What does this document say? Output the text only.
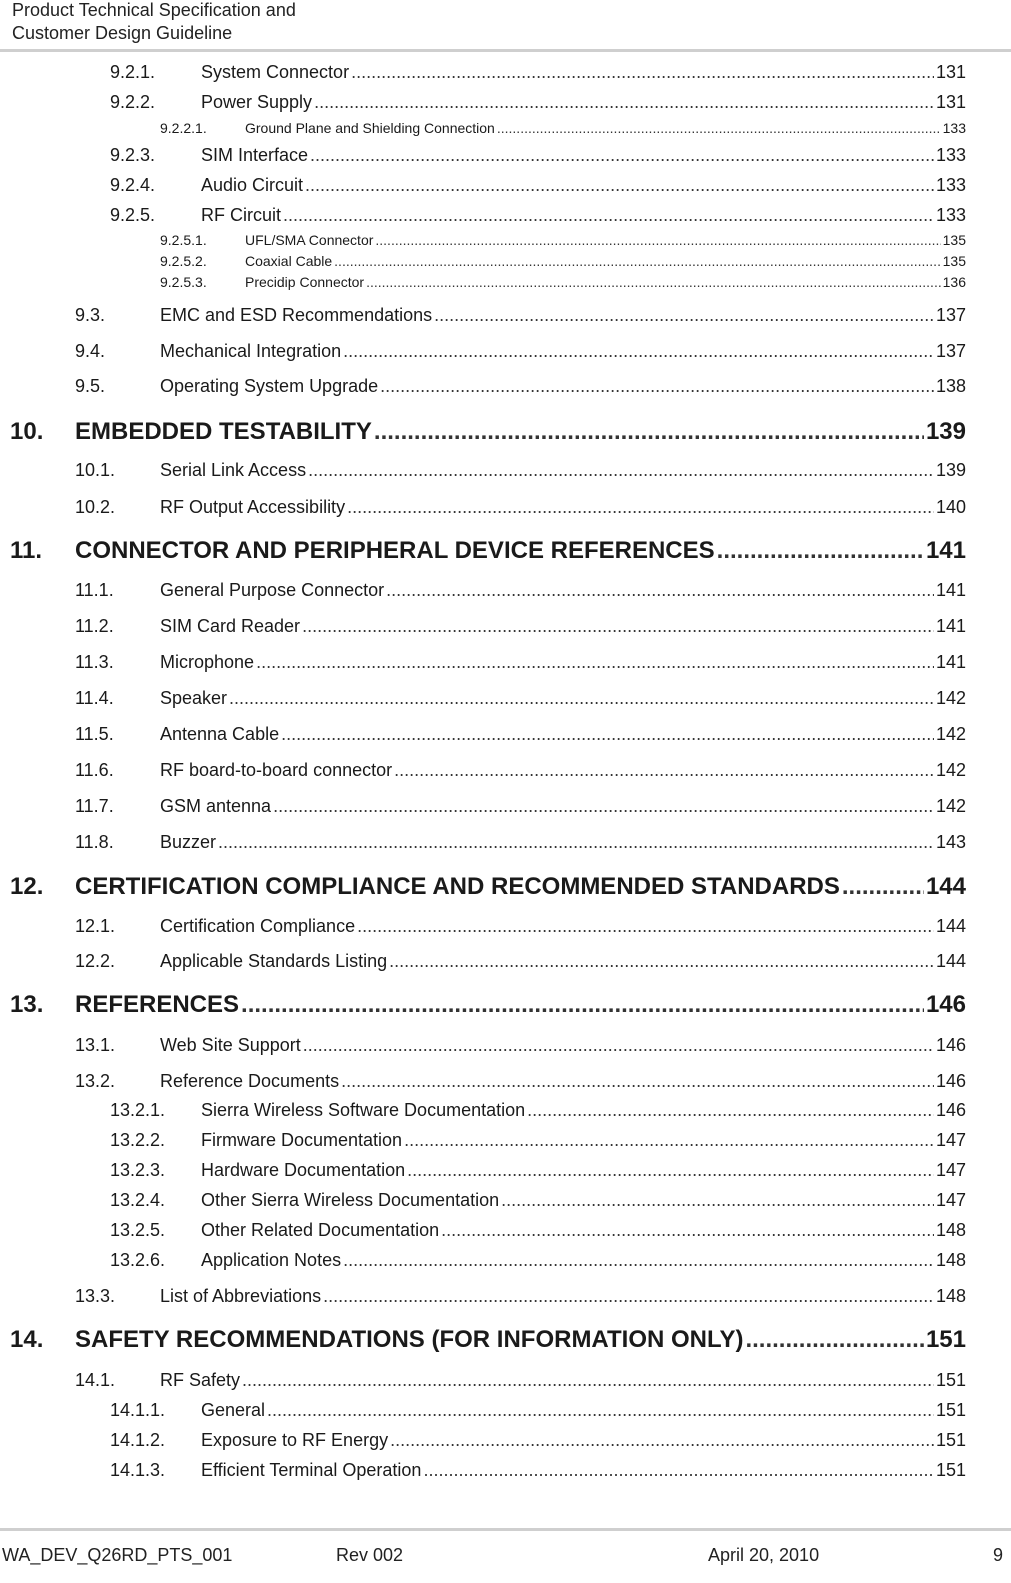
Product Technical Specification and
Customer Design Guideline
9.2.1.	System Connector .....	131
9.2.2.	Power Supply .....	131
9.2.2.1.	Ground Plane and Shielding Connection .....	133
9.2.3.	SIM Interface .....	133
9.2.4.	Audio Circuit .....	133
9.2.5.	RF Circuit .....	133
9.2.5.1.	UFL/SMA Connector .....	135
9.2.5.2.	Coaxial Cable .....	135
9.2.5.3.	Precidip Connector .....	136
9.3.	EMC and ESD Recommendations .....	137
9.4.	Mechanical Integration .....	137
9.5.	Operating System Upgrade .....	138
10.	EMBEDDED TESTABILITY .....	139
10.1.	Serial Link Access .....	139
10.2.	RF Output Accessibility .....	140
11.	CONNECTOR AND PERIPHERAL DEVICE REFERENCES .....	141
11.1.	General Purpose Connector .....	141
11.2.	SIM Card Reader .....	141
11.3.	Microphone .....	141
11.4.	Speaker .....	142
11.5.	Antenna Cable .....	142
11.6.	RF board-to-board connector .....	142
11.7.	GSM antenna .....	142
11.8.	Buzzer .....	143
12.	CERTIFICATION COMPLIANCE AND RECOMMENDED STANDARDS .....	144
12.1.	Certification Compliance .....	144
12.2.	Applicable Standards Listing .....	144
13.	REFERENCES .....	146
13.1.	Web Site Support .....	146
13.2.	Reference Documents .....	146
13.2.1.	Sierra Wireless Software Documentation .....	146
13.2.2.	Firmware Documentation .....	147
13.2.3.	Hardware Documentation .....	147
13.2.4.	Other Sierra Wireless Documentation .....	147
13.2.5.	Other Related Documentation .....	148
13.2.6.	Application Notes .....	148
13.3.	List of Abbreviations .....	148
14.	SAFETY RECOMMENDATIONS (FOR INFORMATION ONLY) .....	151
14.1.	RF Safety .....	151
14.1.1.	General .....	151
14.1.2.	Exposure to RF Energy .....	151
14.1.3.	Efficient Terminal Operation .....	151
WA_DEV_Q26RD_PTS_001	Rev 002	April 20, 2010	9
